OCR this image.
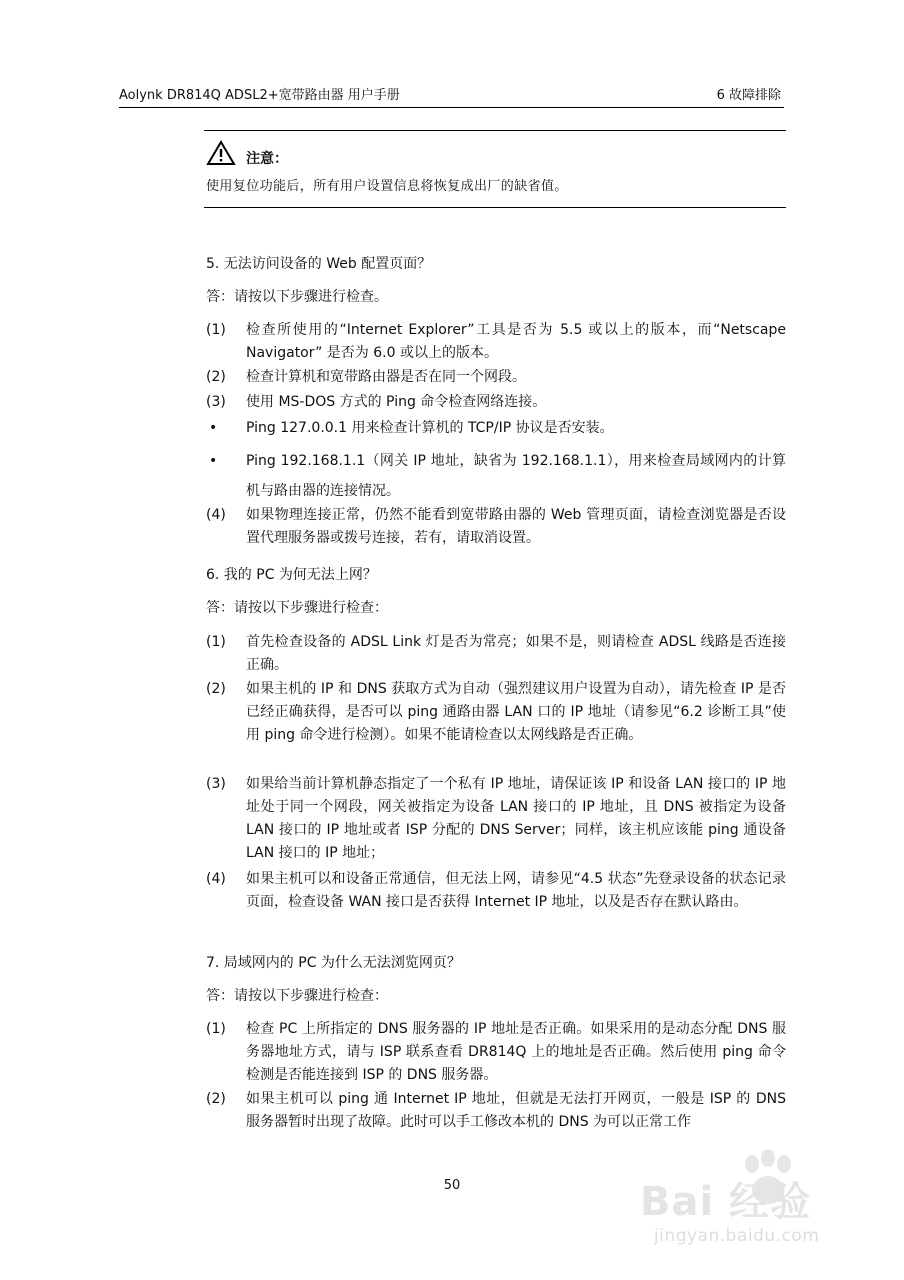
Aolynk DR814Q ADSL2+宽带路由器 用户手册	6 故障排除
注意：
使用复位功能后，所有用户设置信息将恢复成出厂的缺省值。
5. 无法访问设备的 Web 配置页面？
答：请按以下步骤进行检查。
(1) 检查所使用的“Internet Explorer”工具是否为 5.5 或以上的版本，而“Netscape Navigator” 是否为 6.0 或以上的版本。
(2) 检查计算机和宽带路由器是否在同一个网段。
(3) 使用 MS-DOS 方式的 Ping 命令检查网络连接。
• Ping 127.0.0.1 用来检查计算机的 TCP/IP 协议是否安装。
• Ping 192.168.1.1（网关 IP 地址，缺省为 192.168.1.1），用来检查局域网内的计算机与路由器的连接情况。
(4) 如果物理连接正常，仍然不能看到宽带路由器的 Web 管理页面，请检查浏览器是否设置代理服务器或拨号连接，若有，请取消设置。
6. 我的 PC 为何无法上网？
答：请按以下步骤进行检查：
(1) 首先检查设备的 ADSL Link 灯是否为常亮；如果不是，则请检查 ADSL 线路是否连接正确。
(2) 如果主机的 IP 和 DNS 获取方式为自动（强烈建议用户设置为自动），请先检查 IP 是否已经正确获得，是否可以 ping 通路由器 LAN 口的 IP 地址（请参见“6.2 诊断工具”使用 ping 命令进行检测）。如果不能请检查以太网线路是否正确。
(3) 如果给当前计算机静态指定了一个私有 IP 地址，请保证该 IP 和设备 LAN 接口的 IP 地址处于同一个网段，网关被指定为设备 LAN 接口的 IP 地址，且 DNS 被指定为设备 LAN 接口的 IP 地址或者 ISP 分配的 DNS Server；同样，该主机应该能 ping 通设备 LAN 接口的 IP 地址；
(4) 如果主机可以和设备正常通信，但无法上网，请参见“4.5 状态”先登录设备的状态记录页面，检查设备 WAN 接口是否获得 Internet IP 地址，以及是否存在默认路由。
7. 局域网内的 PC 为什么无法浏览网页？
答：请按以下步骤进行检查：
(1) 检查 PC 上所指定的 DNS 服务器的 IP 地址是否正确。如果采用的是动态分配 DNS 服务器地址方式，请与 ISP 联系查看 DR814Q 上的地址是否正确。然后使用 ping 命令检测是否能连接到 ISP 的 DNS 服务器。
(2) 如果主机可以 ping 通 Internet IP 地址，但就是无法打开网页，一般是 ISP 的 DNS 服务器暂时出现了故障。此时可以手工修改本机的 DNS 为可以正常工作
50	Bai 经验
jingyan.baidu.com
